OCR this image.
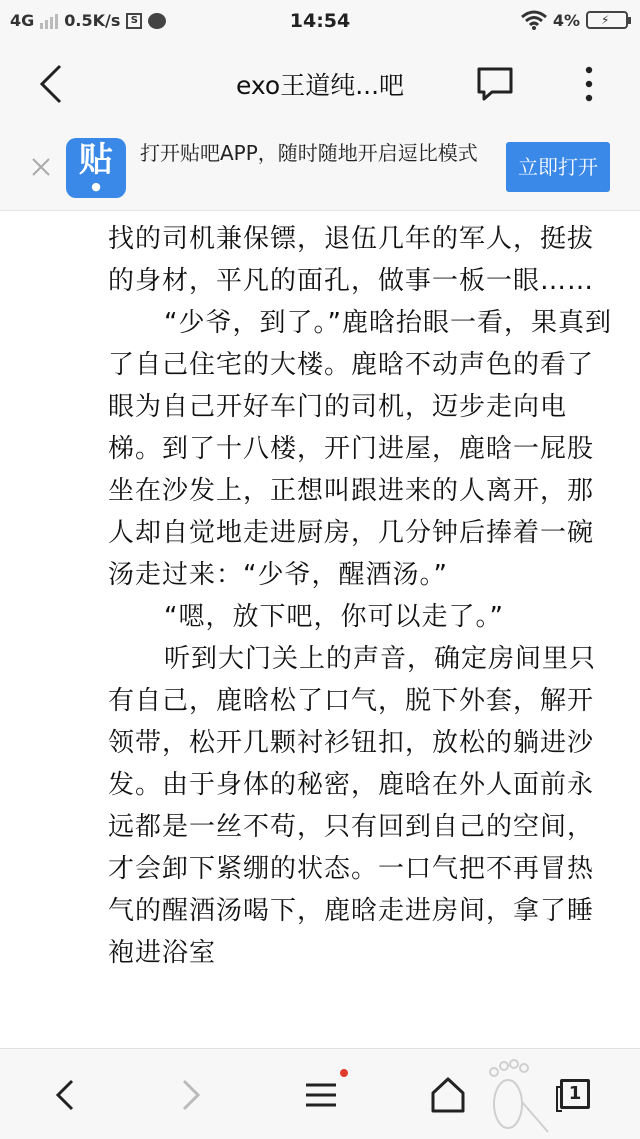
4G 0.5K/s	S	14:54	4% ⚡
exo王道纯...吧
贴
●
打开贴吧APP，随时随地开启逗比模式
立即打开

找的司机兼保镖，退伍几年的军人，挺拔的身材，平凡的面孔，做事一板一眼……

“少爷，到了。”鹿晗抬眼一看，果真到了自己住宅的大楼。鹿晗不动声色的看了眼为自己开好车门的司机，迈步走向电梯。到了十八楼，开门进屋，鹿晗一屁股坐在沙发上，正想叫跟进来的人离开，那人却自觉地走进厨房，几分钟后捧着一碗汤走过来：“少爷，醒酒汤。”

“嗯，放下吧，你可以走了。”

听到大门关上的声音，确定房间里只有自己，鹿晗松了口气，脱下外套，解开领带，松开几颗衬衫钮扣，放松的躺进沙发。由于身体的秘密，鹿晗在外人面前永远都是一丝不苟，只有回到自己的空间，才会卸下紧绷的状态。一口气把不再冒热气的醒酒汤喝下，鹿晗走进房间，拿了睡袍进浴室

1
